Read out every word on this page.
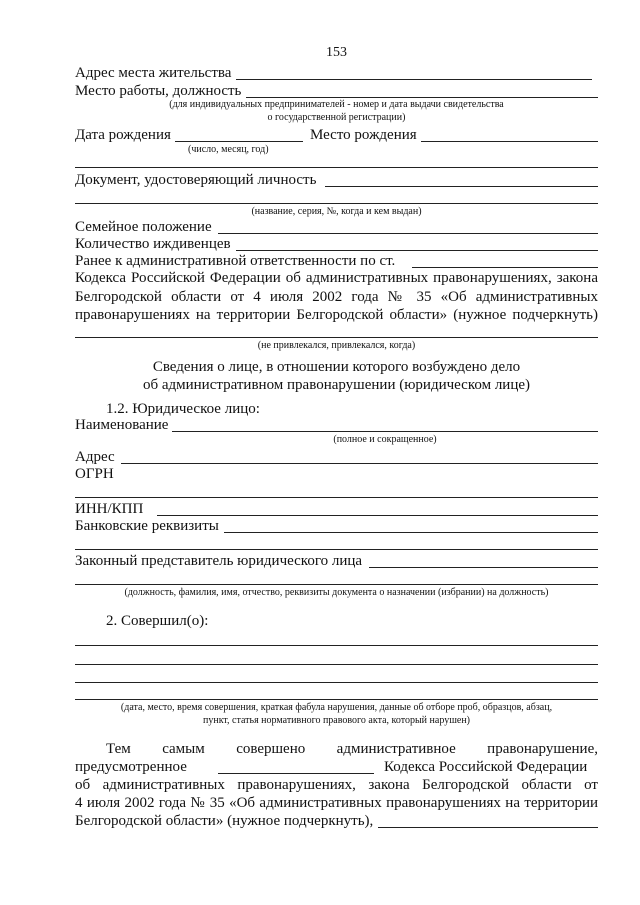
153
Адрес места жительства
Место работы, должность
(для индивидуальных предпринимателей - номер и дата выдачи свидетельства
о государственной регистрации)
Дата рождения	Место рождения
(число, месяц, год)
Документ, удостоверяющий личность
(название, серия, №, когда и кем выдан)
Семейное положение
Количество иждивенцев
Ранее к административной ответственности по ст.
Кодекса Российской Федерации об административных правонарушениях, закона
Белгородской области от 4 июля 2002 года № 35 «Об административных
правонарушениях на территории Белгородской области» (нужное подчеркнуть)
(не привлекался, привлекался, когда)
Сведения о лице, в отношении которого возбуждено дело
об административном правонарушении (юридическом лице)
1.2. Юридическое лицо:
Наименование
(полное и сокращенное)
Адрес
ОГРН
ИНН/КПП
Банковские реквизиты
Законный представитель юридического лица
(должность, фамилия, имя, отчество, реквизиты документа о назначении (избрании) на должность)
2. Совершил(о):
(дата, место, время совершения, краткая фабула нарушения, данные об отборе проб, образцов, абзац,
пункт, статья нормативного правового акта, который нарушен)
Тем самым совершено административное правонарушение,
предусмотренное	Кодекса Российской Федерации
об административных правонарушениях, закона Белгородской области от
4 июля 2002 года № 35 «Об административных правонарушениях на территории
Белгородской области» (нужное подчеркнуть),
